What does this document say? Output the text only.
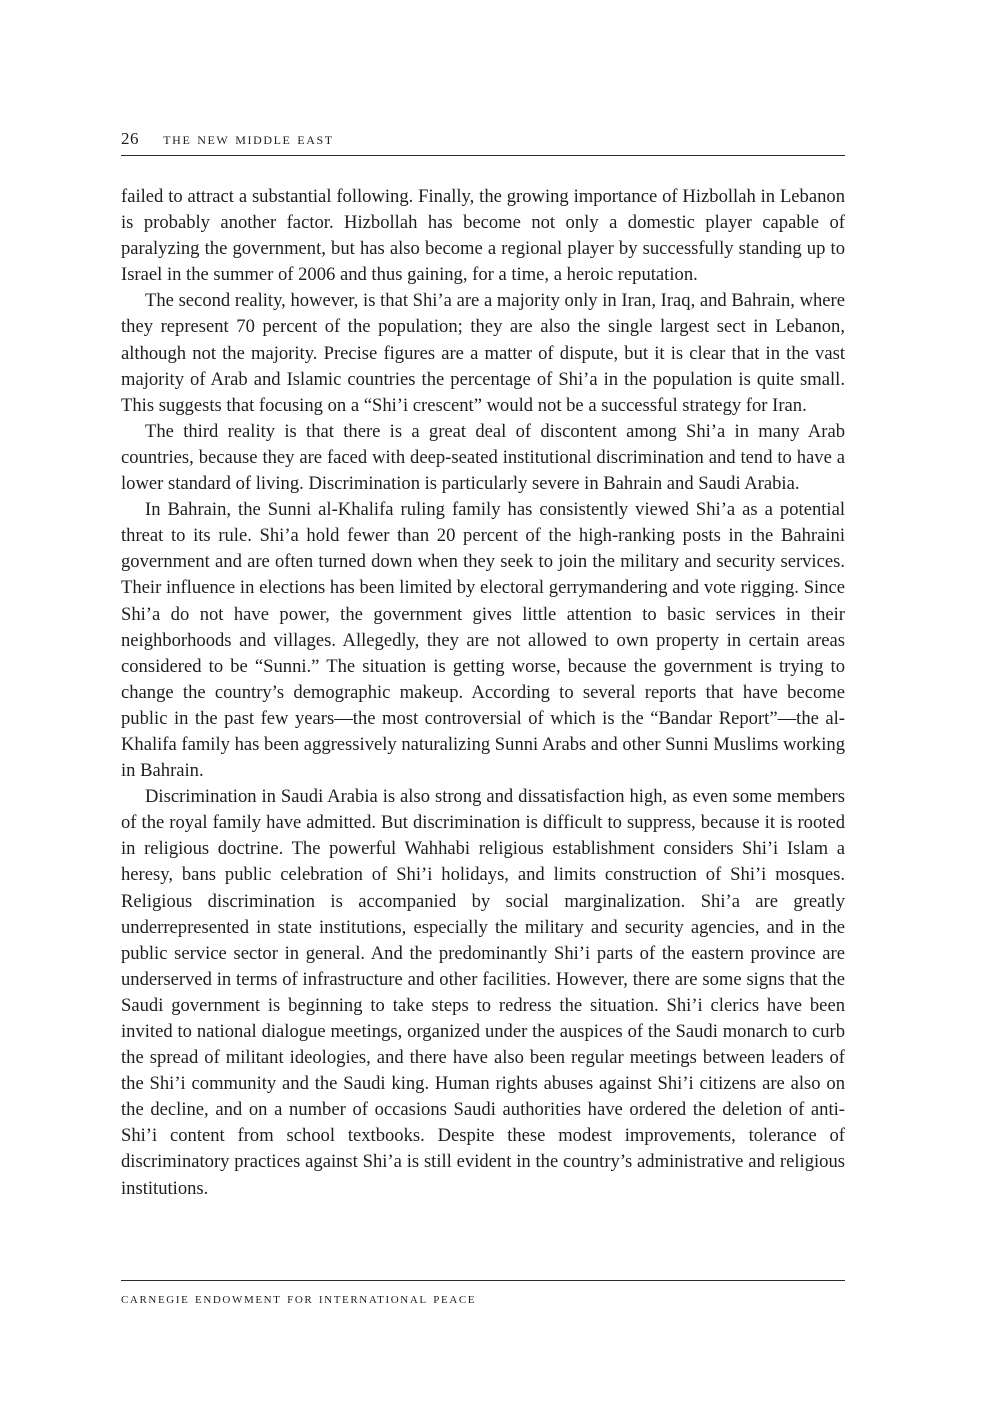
26 the new middle east

failed to attract a substantial following. Finally, the growing importance of Hizbollah in Lebanon is probably another factor. Hizbollah has become not only a domestic player capable of paralyzing the government, but has also become a regional player by successfully standing up to Israel in the summer of 2006 and thus gaining, for a time, a heroic reputation.

The second reality, however, is that Shi’a are a majority only in Iran, Iraq, and Bahrain, where they represent 70 percent of the population; they are also the single largest sect in Lebanon, although not the majority. Precise figures are a matter of dispute, but it is clear that in the vast majority of Arab and Islamic countries the percentage of Shi’a in the population is quite small. This suggests that focusing on a “Shi’i crescent” would not be a successful strategy for Iran.

The third reality is that there is a great deal of discontent among Shi’a in many Arab countries, because they are faced with deep-seated institutional discrimination and tend to have a lower standard of living. Discrimination is particularly severe in Bahrain and Saudi Arabia.

In Bahrain, the Sunni al-Khalifa ruling family has consistently viewed Shi’a as a potential threat to its rule. Shi’a hold fewer than 20 percent of the high-ranking posts in the Bahraini government and are often turned down when they seek to join the military and security services. Their influence in elections has been limited by electoral gerrymandering and vote rigging. Since Shi’a do not have power, the government gives little attention to basic services in their neighborhoods and villages. Allegedly, they are not allowed to own property in certain areas considered to be “Sunni.” The situation is getting worse, because the government is trying to change the country’s demographic makeup. According to several reports that have become public in the past few years—the most controversial of which is the “Bandar Report”—the al-Khalifa family has been aggressively naturalizing Sunni Arabs and other Sunni Muslims working in Bahrain.

Discrimination in Saudi Arabia is also strong and dissatisfaction high, as even some members of the royal family have admitted. But discrimination is difficult to suppress, because it is rooted in religious doctrine. The powerful Wahhabi religious establishment considers Shi’i Islam a heresy, bans public celebration of Shi’i holidays, and limits construction of Shi’i mosques. Religious discrimination is accompanied by social marginalization. Shi’a are greatly underrepresented in state institutions, especially the military and security agencies, and in the public service sector in general. And the predominantly Shi’i parts of the eastern province are underserved in terms of infrastructure and other facilities. However, there are some signs that the Saudi government is beginning to take steps to redress the situation. Shi’i clerics have been invited to national dialogue meetings, organized under the auspices of the Saudi monarch to curb the spread of militant ideologies, and there have also been regular meetings between leaders of the Shi’i community and the Saudi king. Human rights abuses against Shi’i citizens are also on the decline, and on a number of occasions Saudi authorities have ordered the deletion of anti-Shi’i content from school textbooks. Despite these modest improvements, tolerance of discriminatory practices against Shi’a is still evident in the country’s administrative and religious institutions.

carnegie endowment for international peace
